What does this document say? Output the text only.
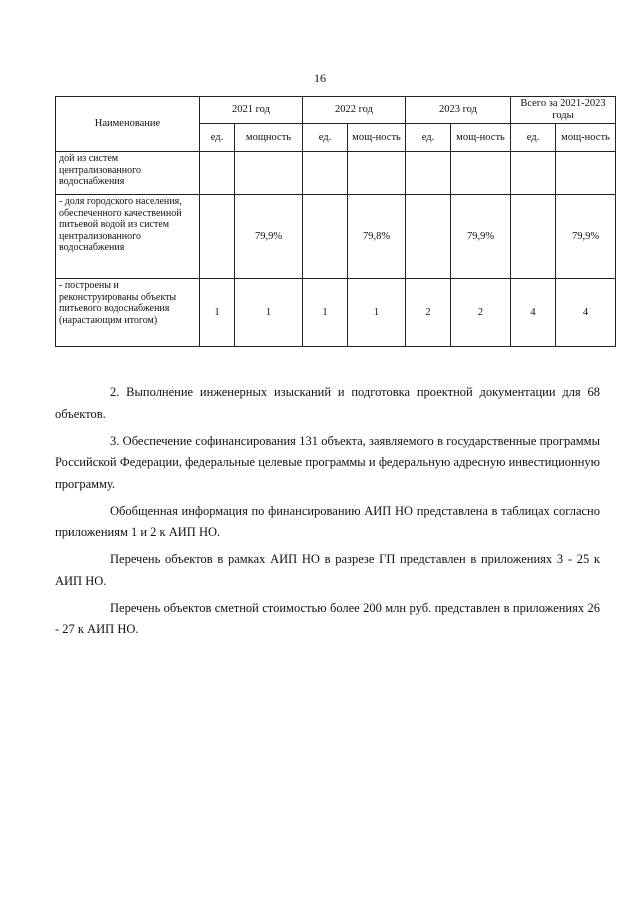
16
Наименование	2021 год		2022 год		2023 год		Всего за 2021-2023 годы	
	ед.	мощность	ед.	мощ-ность	ед.	мощ-ность	ед.	мощ-ность
дой из систем централизованного водоснабжения								
- доля городского населения, обеспеченного качественной питьевой водой из систем централизованного водоснабжения		79,9%		79,8%		79,9%		79,9%
- построены и реконструированы объекты питьевого водоснабжения (нарастающим итогом)	1	1	1	1	2	2	4	4

2. Выполнение инженерных изысканий и подготовка проектной документации для 68 объектов.

3. Обеспечение софинансирования 131 объекта, заявляемого в государственные программы Российской Федерации, федеральные целевые программы и федеральную адресную инвестиционную программу.

Обобщенная информация по финансированию АИП НО представлена в таблицах согласно приложениям 1 и 2 к АИП НО.

Перечень объектов в рамках АИП НО в разрезе ГП представлен в приложениях 3 - 25 к АИП НО.

Перечень объектов сметной стоимостью более 200 млн руб. представлен в приложениях 26 - 27 к АИП НО.
